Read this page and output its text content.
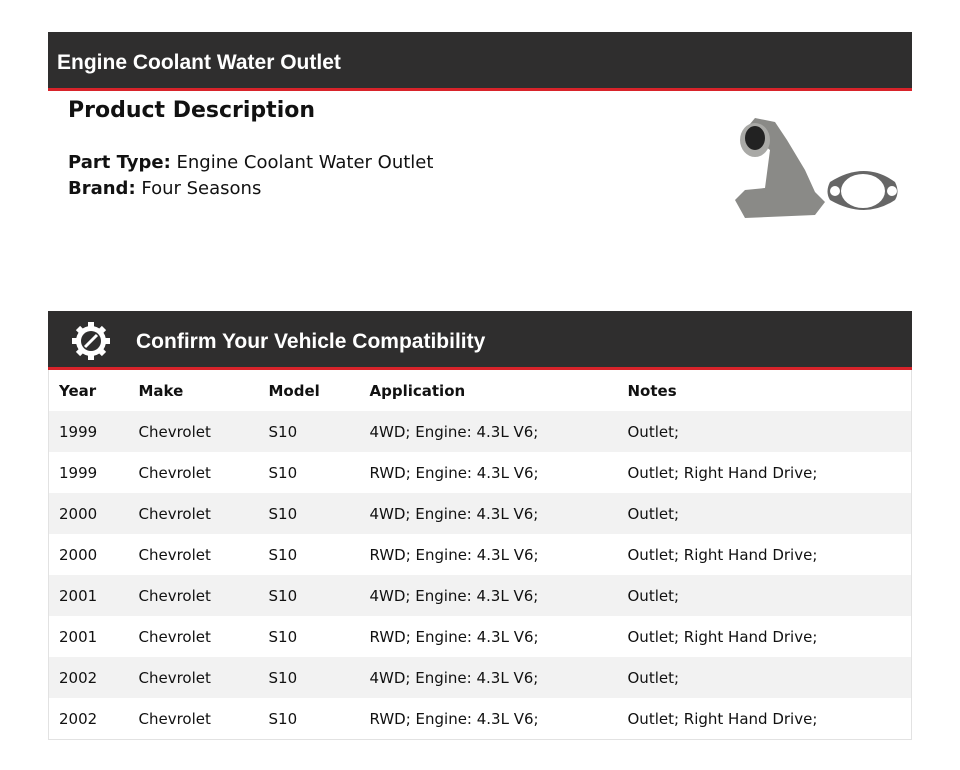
Engine Coolant Water Outlet
Product Description
Part Type: Engine Coolant Water Outlet
Brand: Four Seasons
Confirm Your Vehicle Compatibility
Year	Make	Model	Application	Notes
1999	Chevrolet	S10	4WD; Engine: 4.3L V6;	Outlet;
1999	Chevrolet	S10	RWD; Engine: 4.3L V6;	Outlet; Right Hand Drive;
2000	Chevrolet	S10	4WD; Engine: 4.3L V6;	Outlet;
2000	Chevrolet	S10	RWD; Engine: 4.3L V6;	Outlet; Right Hand Drive;
2001	Chevrolet	S10	4WD; Engine: 4.3L V6;	Outlet;
2001	Chevrolet	S10	RWD; Engine: 4.3L V6;	Outlet; Right Hand Drive;
2002	Chevrolet	S10	4WD; Engine: 4.3L V6;	Outlet;
2002	Chevrolet	S10	RWD; Engine: 4.3L V6;	Outlet; Right Hand Drive;
